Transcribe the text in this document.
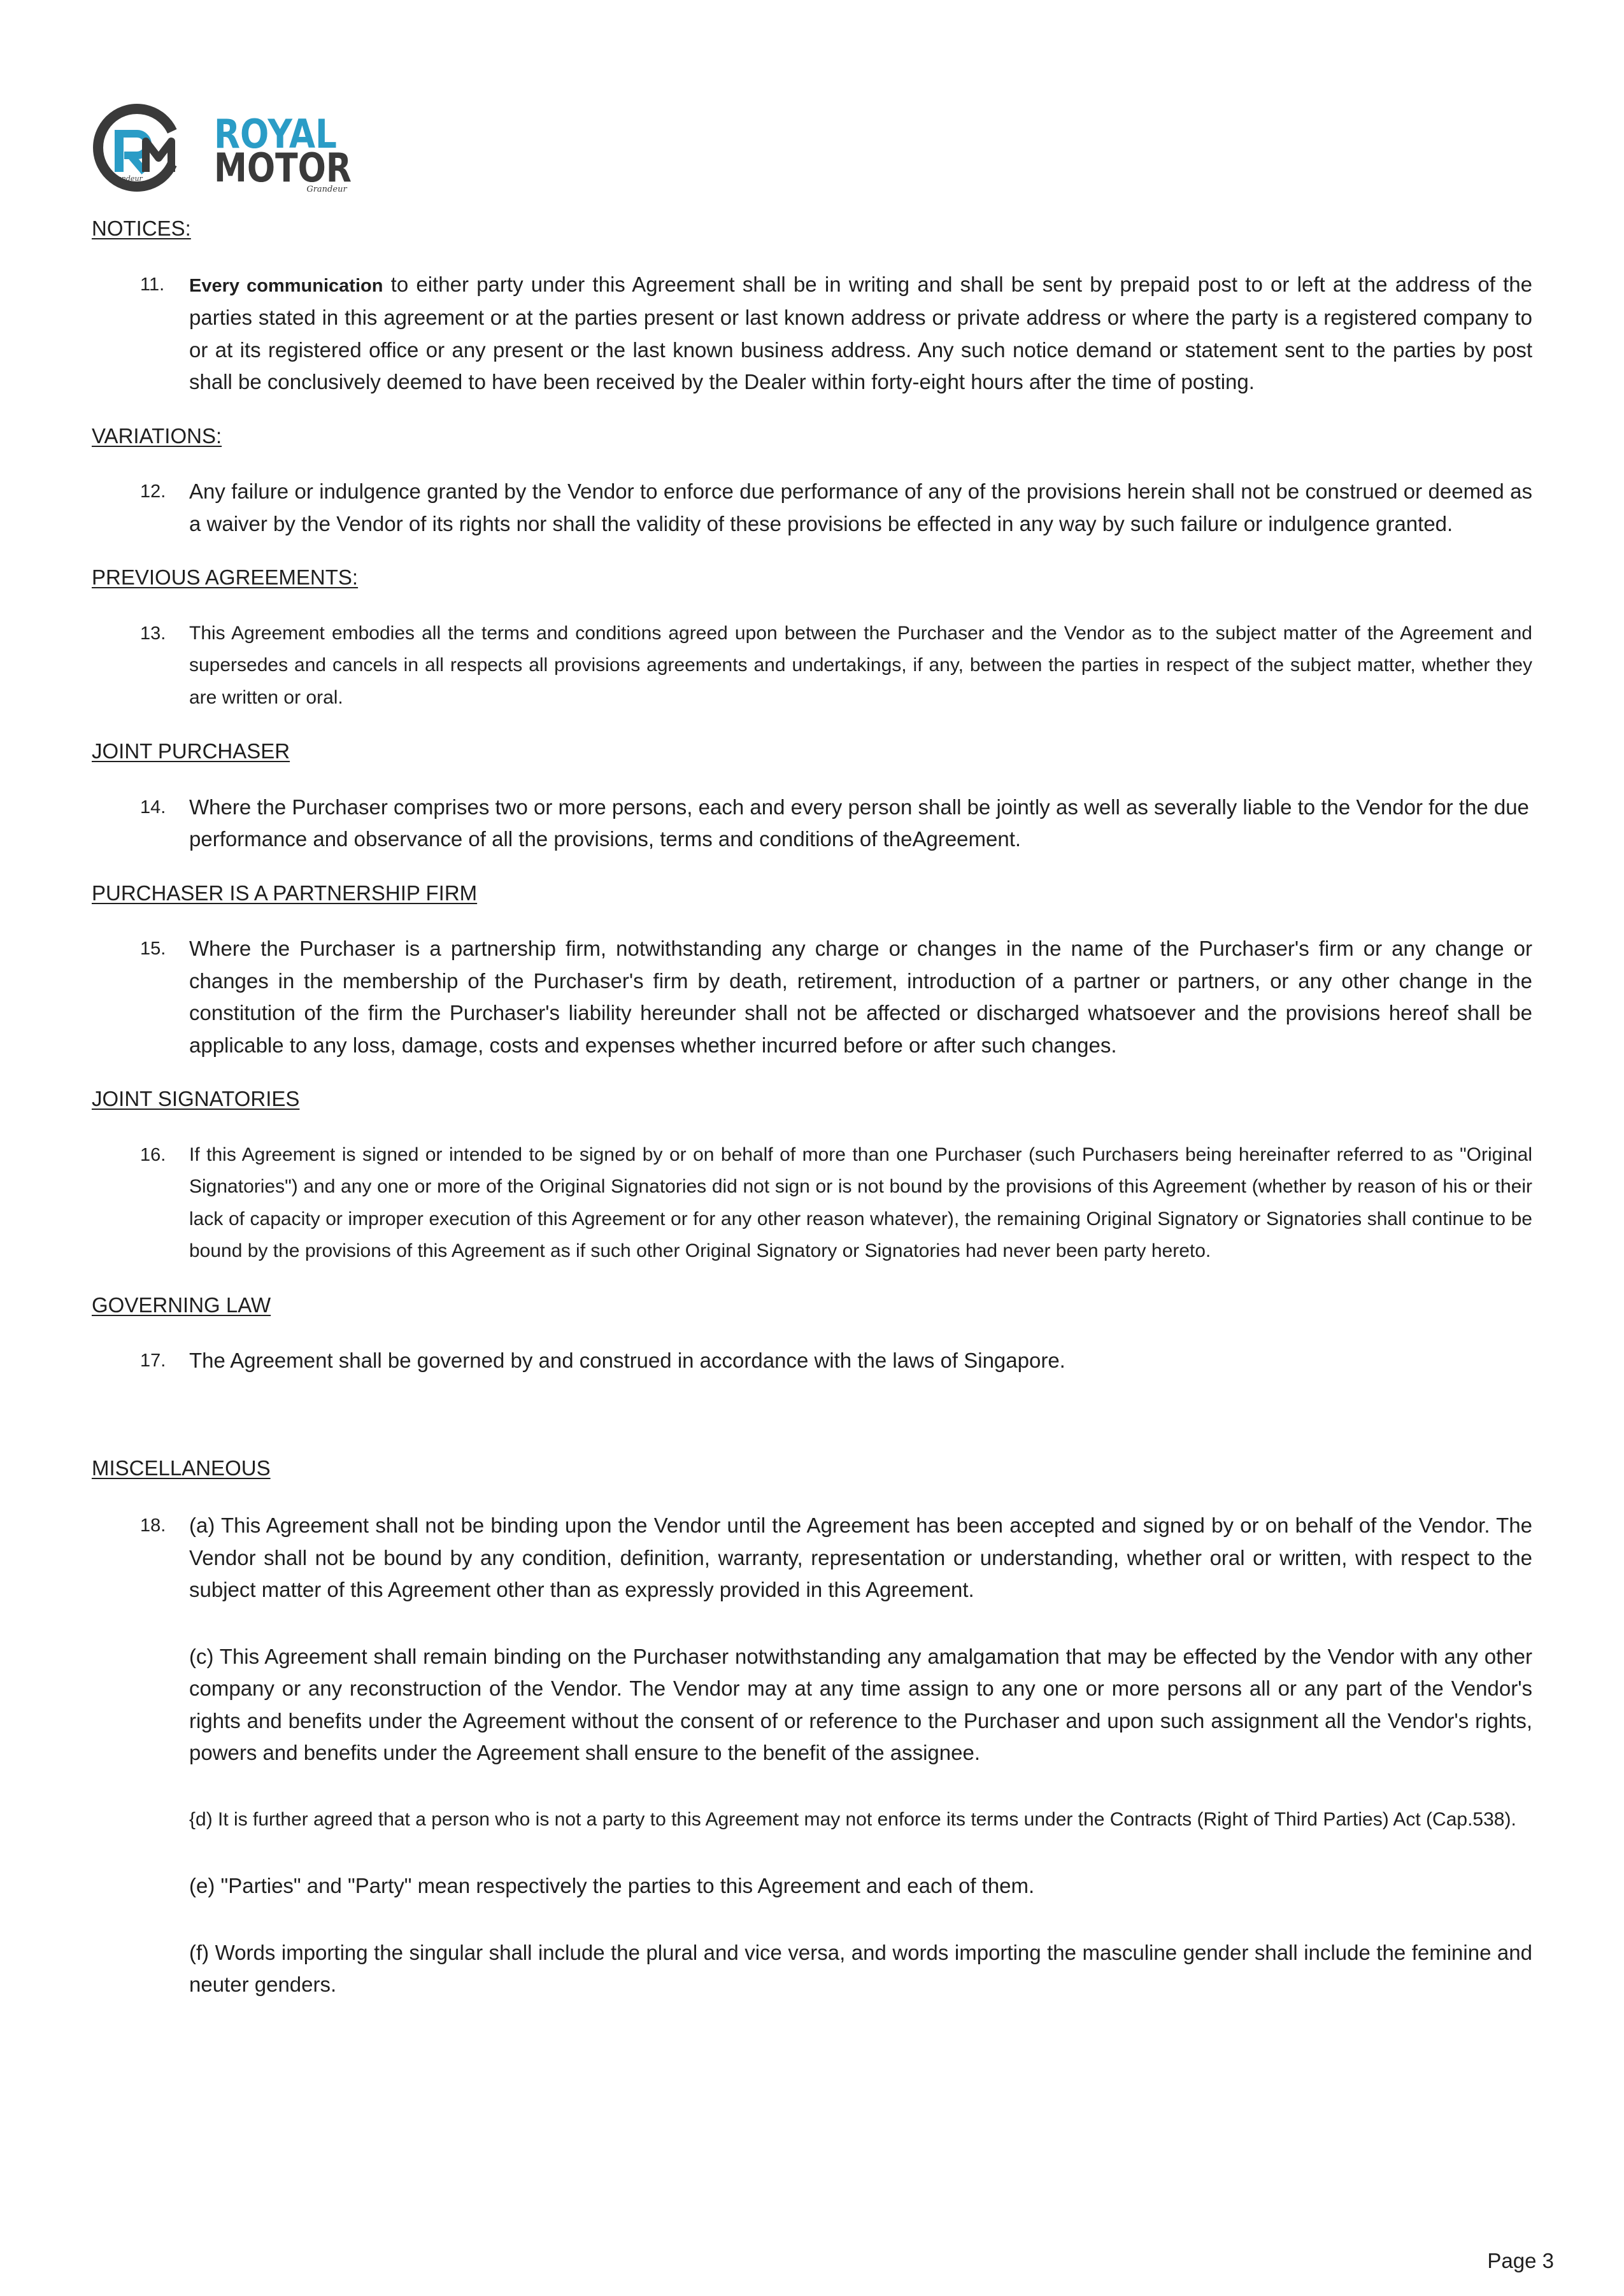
Grandeur
ROYAL
MOTOR
Grandeur
NOTICES:
11. Every communication to either party under this Agreement shall be in writing and shall be sent by prepaid post to or left at the address of the parties stated in this agreement or at the parties present or last known address or private address or where the party is a registered company to or at its registered office or any present or the last known business address. Any such notice demand or statement sent to the parties by post shall be conclusively deemed to have been received by the Dealer within forty-eight hours after the time of posting.

VARIATIONS:
12. Any failure or indulgence granted by the Vendor to enforce due performance of any of the provisions herein shall not be construed or deemed as a waiver by the Vendor of its rights nor shall the validity of these provisions be effected in any way by such failure or indulgence granted.

PREVIOUS AGREEMENTS:
13. This Agreement embodies all the terms and conditions agreed upon between the Purchaser and the Vendor as to the subject matter of the Agreement and supersedes and cancels in all respects all provisions agreements and undertakings, if any, between the parties in respect of the subject matter, whether they are written or oral.

JOINT PURCHASER
14. Where the Purchaser comprises two or more persons, each and every person shall be jointly as well as severally liable to the Vendor for the due performance and observance of all the provisions, terms and conditions of theAgreement.

PURCHASER IS A PARTNERSHIP FIRM
15. Where the Purchaser is a partnership firm, notwithstanding any charge or changes in the name of the Purchaser's firm or any change or changes in the membership of the Purchaser's firm by death, retirement, introduction of a partner or partners, or any other change in the constitution of the firm the Purchaser's liability hereunder shall not be affected or discharged whatsoever and the provisions hereof shall be applicable to any loss, damage, costs and expenses whether incurred before or after such changes.

JOINT SIGNATORIES
16. If this Agreement is signed or intended to be signed by or on behalf of more than one Purchaser (such Purchasers being hereinafter referred to as "Original Signatories") and any one or more of the Original Signatories did not sign or is not bound by the provisions of this Agreement (whether by reason of his or their lack of capacity or improper execution of this Agreement or for any other reason whatever), the remaining Original Signatory or Signatories shall continue to be bound by the provisions of this Agreement as if such other Original Signatory or Signatories had never been party hereto.

GOVERNING LAW
17. The Agreement shall be governed by and construed in accordance with the laws of Singapore.

MISCELLANEOUS
18. (a) This Agreement shall not be binding upon the Vendor until the Agreement has been accepted and signed by or on behalf of the Vendor. The Vendor shall not be bound by any condition, definition, warranty, representation or understanding, whether oral or written, with respect to the subject matter of this Agreement other than as expressly provided in this Agreement.

(c) This Agreement shall remain binding on the Purchaser notwithstanding any amalgamation that may be effected by the Vendor with any other company or any reconstruction of the Vendor. The Vendor may at any time assign to any one or more persons all or any part of the Vendor's rights and benefits under the Agreement without the consent of or reference to the Purchaser and upon such assignment all the Vendor's rights, powers and benefits under the Agreement shall ensure to the benefit of the assignee.

{d) It is further agreed that a person who is not a party to this Agreement may not enforce its terms under the Contracts (Right of Third Parties) Act (Cap.538).

(e) "Parties" and "Party" mean respectively the parties to this Agreement and each of them.

(f) Words importing the singular shall include the plural and vice versa, and words importing the masculine gender shall include the feminine and neuter genders.

Page 3
